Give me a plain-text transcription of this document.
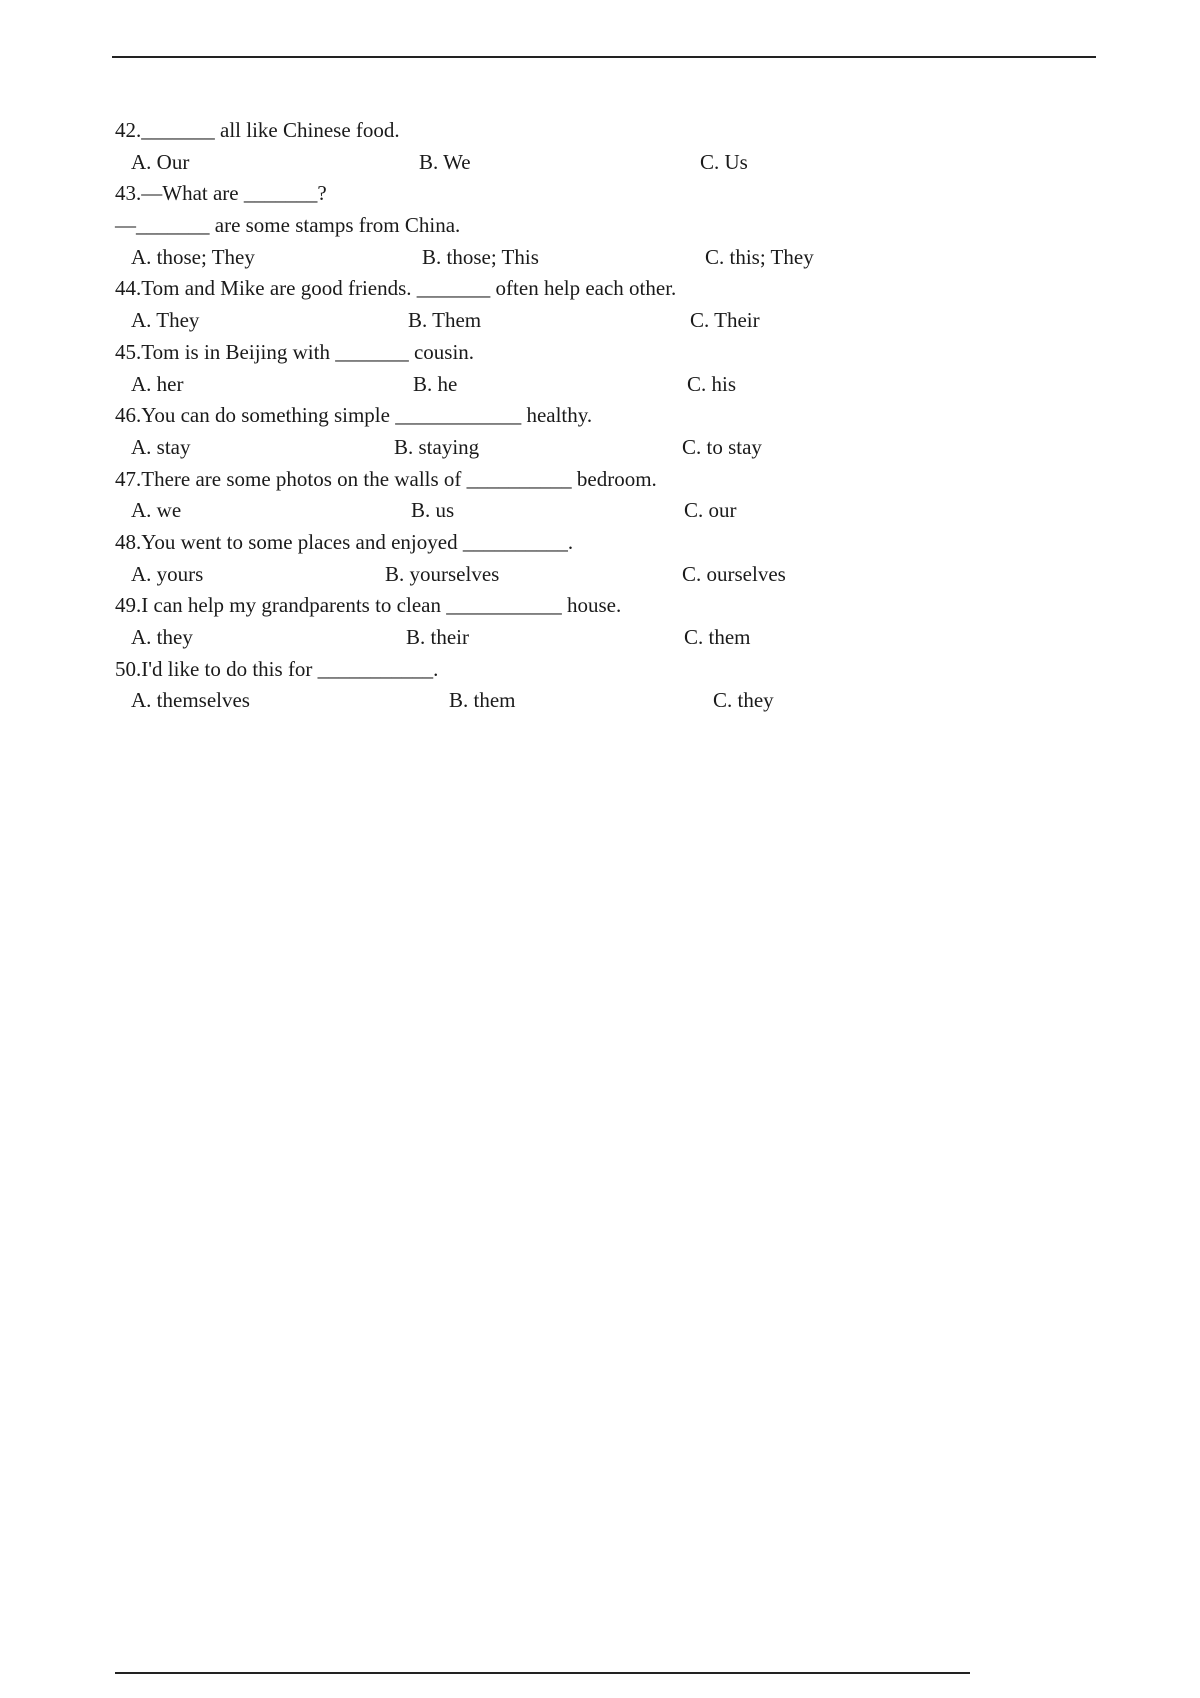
42._______ all like Chinese food.
A. Our	B. We	C. Us
43.—What are _______?
—_______ are some stamps from China.
A. those; They	B. those; This	C. this; They
44.Tom and Mike are good friends. _______ often help each other.
A. They	B. Them	C. Their
45.Tom is in Beijing with _______ cousin.
A. her	B. he	C. his
46.You can do something simple ____________ healthy.
A. stay	B. staying	C. to stay
47.There are some photos on the walls of __________ bedroom.
A. we	B. us	C. our
48.You went to some places and enjoyed __________.
A. yours	B. yourselves	C. ourselves
49.I can help my grandparents to clean ___________ house.
A. they	B. their	C. them
50.I'd like to do this for ___________.
A. themselves	B. them	C. they
